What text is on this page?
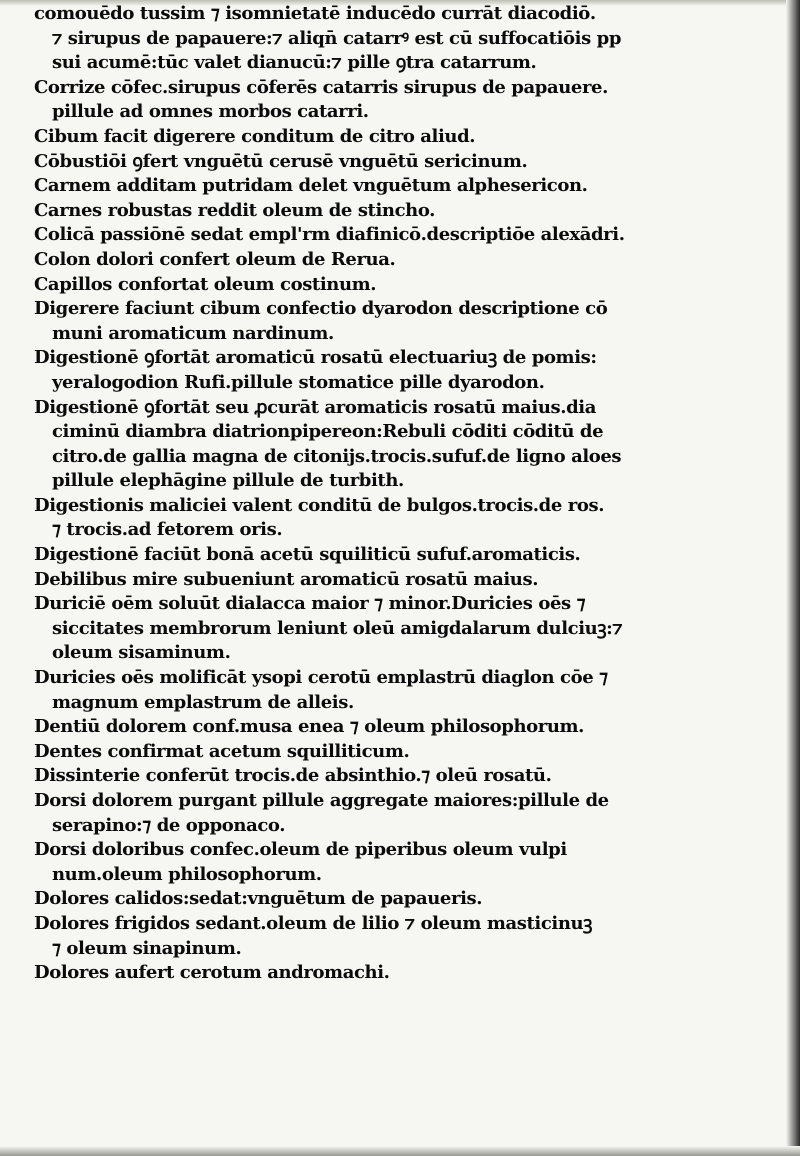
comouēdo tussim ⁊ isomnietatē inducēdo currāt diacodiō.
⁊ sirupus de papauere:⁊ aliqn̄ catarrꝰ est cū suffocatiōis pp
sui acumē:tūc valet dianucū:⁊ pille ꝯtra catarrum.
Corrize cōfec.sirupus cōferēs catarris sirupus de papauere.
pillule ad omnes morbos catarri.
Cibum facit digerere conditum de citro aliud.
Cōbustiōi ꝯfert vnguētū cerusē vnguētū sericinum.
Carnem additam putridam delet vnguētum alphesericon.
Carnes robustas reddit oleum de stincho.
Colicā passiōnē sedat empl'rm diafinicō.descriptiōe alexādri.
Colon dolori confert oleum de Rerua.
Capillos confortat oleum costinum.
Digerere faciunt cibum confectio dyarodon descriptione cō
muni aromaticum nardinum.
Digestionē ꝯfortāt aromaticū rosatū electuariuꝫ de pomis:
yeralogodion Rufi.pillule stomatice pille dyarodon.
Digestionē ꝯfortāt seu ꝓcurāt aromaticis rosatū maius.dia
ciminū diambra diatrionpipereon:Rebuli cōditi cōditū de
citro.de gallia magna de citonijs.trocis.sufuf.de ligno aloes
pillule elephāgine pillule de turbith.
Digestionis maliciei valent conditū de bulgos.trocis.de ros.
⁊ trocis.ad fetorem oris.
Digestionē faciūt bonā acetū squiliticū sufuf.aromaticis.
Debilibus mire subueniunt aromaticū rosatū maius.
Duriciē oēm soluūt dialacca maior ⁊ minor.Duricies oēs ⁊
siccitates membrorum leniunt oleū amigdalarum dulciuꝫ:⁊
oleum sisaminum.
Duricies oēs molificāt ysopi cerotū emplastrū diaglon cōe ⁊
magnum emplastrum de alleis.
Dentiū dolorem conf.musa enea ⁊ oleum philosophorum.
Dentes confirmat acetum squilliticum.
Dissinterie conferūt trocis.de absinthio.⁊ oleū rosatū.
Dorsi dolorem purgant pillule aggregate maiores:pillule de
serapino:⁊ de opponaco.
Dorsi doloribus confec.oleum de piperibus oleum vulpi
num.oleum philosophorum.
Dolores calidos:sedat:vnguētum de papaueris.
Dolores frigidos sedant.oleum de lilio ⁊ oleum masticinuꝫ
⁊ oleum sinapinum.
Dolores aufert cerotum andromachi.
